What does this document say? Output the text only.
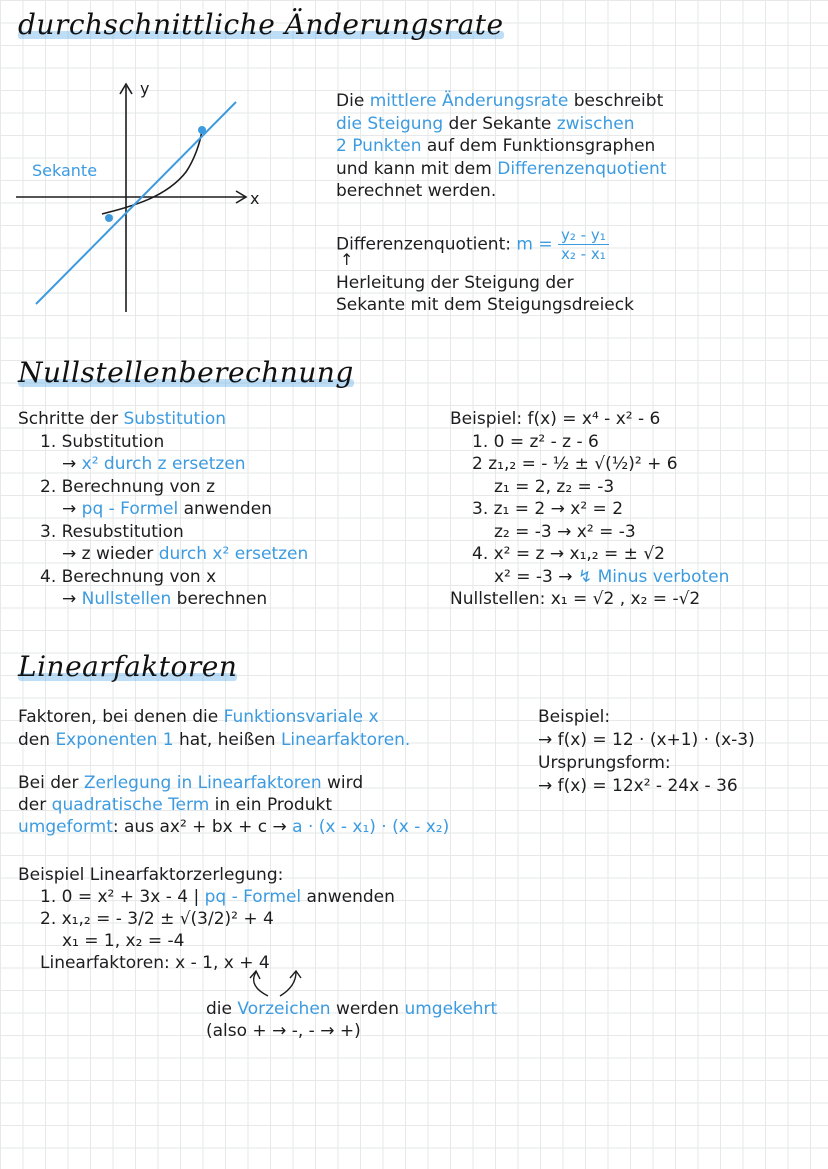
durchschnittliche Änderungsrate
y
x
Sekante
Die mittlere Änderungsrate beschreibt
die Steigung der Sekante zwischen
2 Punkten auf dem Funktionsgraphen
und kann mit dem Differenzenquotient
berechnet werden.
Differenzenquotient: $m = \frac{\text{y₂ - y₁}}{\text{x₂ - x₁}}$
↑
Herleitung der Steigung der
Sekante mit dem Steigungsdreieck
Nullstellenberechnung
Schritte der Substitution
1. Substitution
→ x² durch z ersetzen
2. Berechnung von z
→ pq - Formel anwenden
3. Resubstitution
→ z wieder durch x² ersetzen
4. Berechnung von x
→ Nullstellen berechnen
Beispiel: f(x) = x⁴ - x² - 6
1. 0 = z² - z - 6
2 z₁,₂ = - ½ ± √(½)² + 6
z₁ = 2, z₂ = -3
3. z₁ = 2 → x² = 2
z₂ = -3 → x² = -3
4. x² = z → x₁,₂ = ± √2
x² = -3 → ↯ Minus verboten
Nullstellen: x₁ = √2 , x₂ = -√2
Linearfaktoren
Faktoren, bei denen die Funktionsvariale x
den Exponenten 1 hat, heißen Linearfaktoren.
Beispiel:
→ f(x) = 12 · (x+1) · (x-3)
Ursprungsform:
→ f(x) = 12x² - 24x - 36
Bei der Zerlegung in Linearfaktoren wird
der quadratische Term in ein Produkt
umgeformt: aus ax² + bx + c → a · (x - x₁) · (x - x₂)
Beispiel Linearfaktorzerlegung:
1. 0 = x² + 3x - 4 | pq - Formel anwenden
2. x₁,₂ = - 3/2 ± √(3/2)² + 4
x₁ = 1, x₂ = -4
Linearfaktoren: x - 1, x + 4
die Vorzeichen werden umgekehrt
(also + → -, - → +)
